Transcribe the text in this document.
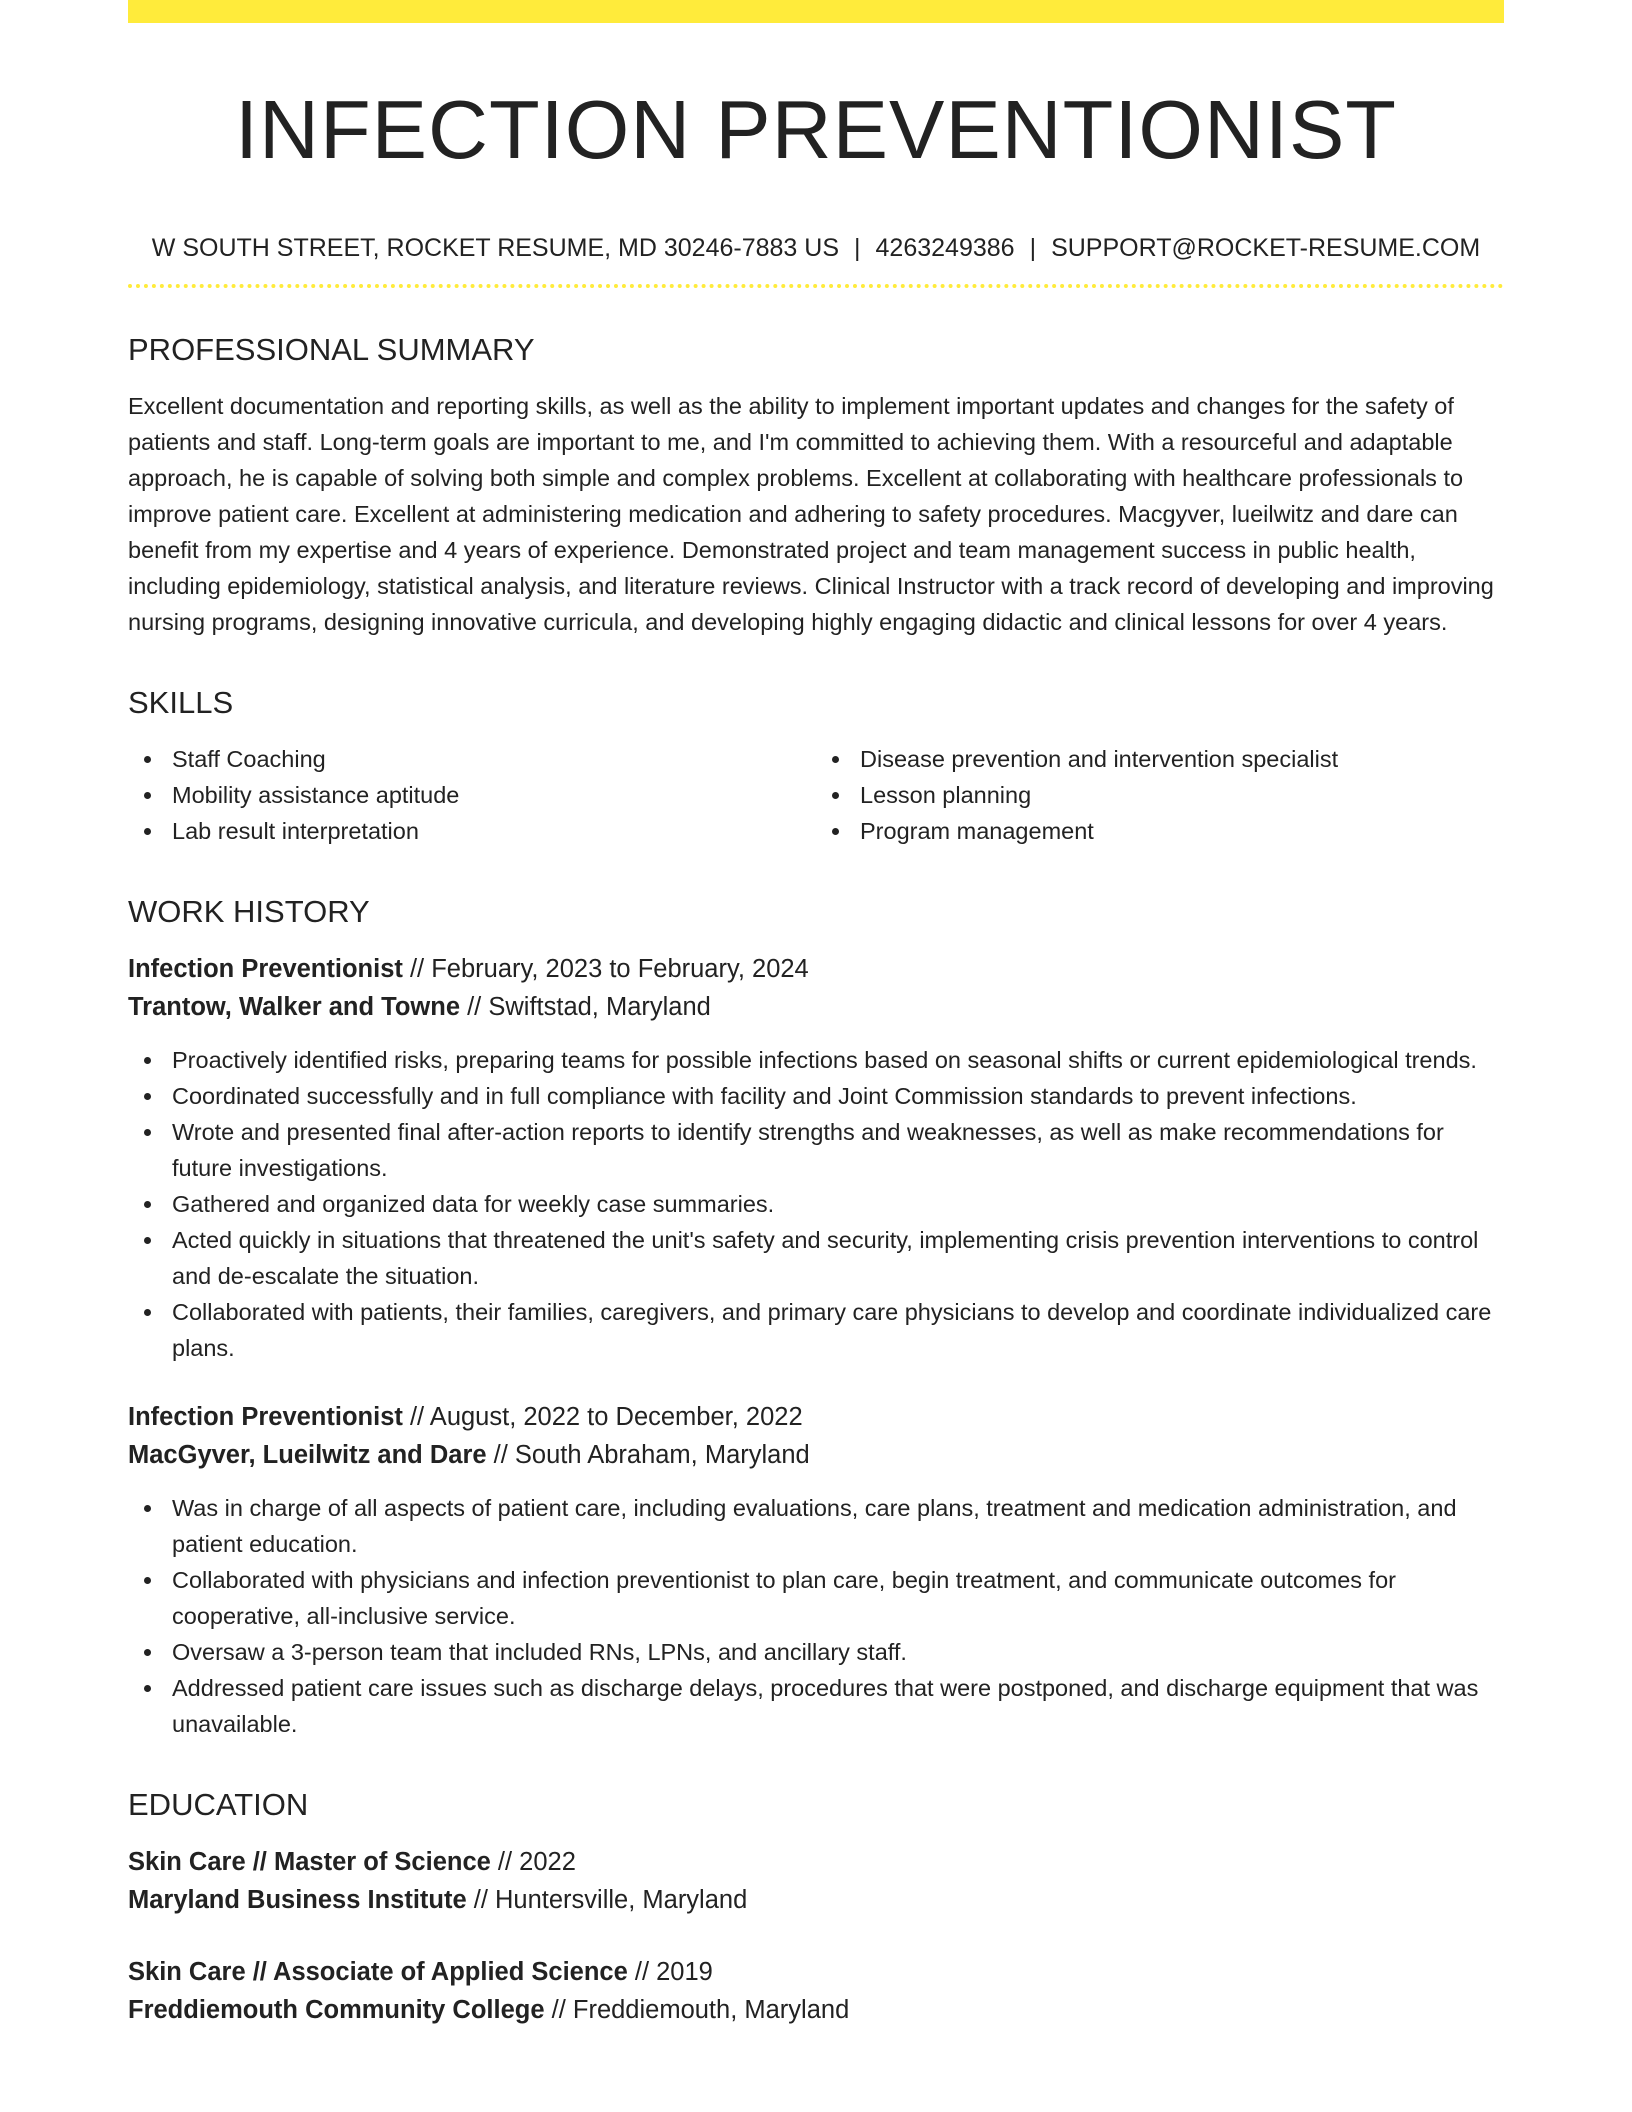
INFECTION PREVENTIONIST
W SOUTH STREET, ROCKET RESUME, MD 30246-7883 US | 4263249386 | SUPPORT@ROCKET-RESUME.COM
PROFESSIONAL SUMMARY

Excellent documentation and reporting skills, as well as the ability to implement important updates and changes for the safety of patients and staff. Long-term goals are important to me, and I'm committed to achieving them. With a resourceful and adaptable approach, he is capable of solving both simple and complex problems. Excellent at collaborating with healthcare professionals to improve patient care. Excellent at administering medication and adhering to safety procedures. Macgyver, lueilwitz and dare can benefit from my expertise and 4 years of experience. Demonstrated project and team management success in public health, including epidemiology, statistical analysis, and literature reviews. Clinical Instructor with a track record of developing and improving nursing programs, designing innovative curricula, and developing highly engaging didactic and clinical lessons for over 4 years.

SKILLS
Staff Coaching
Mobility assistance aptitude
Lab result interpretation
Disease prevention and intervention specialist
Lesson planning
Program management
WORK HISTORY
Infection Preventionist // February, 2023 to February, 2024
Trantow, Walker and Towne // Swiftstad, Maryland
Proactively identified risks, preparing teams for possible infections based on seasonal shifts or current epidemiological trends.
Coordinated successfully and in full compliance with facility and Joint Commission standards to prevent infections.
Wrote and presented final after-action reports to identify strengths and weaknesses, as well as make recommendations for future investigations.
Gathered and organized data for weekly case summaries.
Acted quickly in situations that threatened the unit's safety and security, implementing crisis prevention interventions to control and de-escalate the situation.
Collaborated with patients, their families, caregivers, and primary care physicians to develop and coordinate individualized care plans.
Infection Preventionist // August, 2022 to December, 2022
MacGyver, Lueilwitz and Dare // South Abraham, Maryland
Was in charge of all aspects of patient care, including evaluations, care plans, treatment and medication administration, and patient education.
Collaborated with physicians and infection preventionist to plan care, begin treatment, and communicate outcomes for cooperative, all-inclusive service.
Oversaw a 3-person team that included RNs, LPNs, and ancillary staff.
Addressed patient care issues such as discharge delays, procedures that were postponed, and discharge equipment that was unavailable.
EDUCATION
Skin Care // Master of Science // 2022
Maryland Business Institute // Huntersville, Maryland
Skin Care // Associate of Applied Science // 2019
Freddiemouth Community College // Freddiemouth, Maryland
